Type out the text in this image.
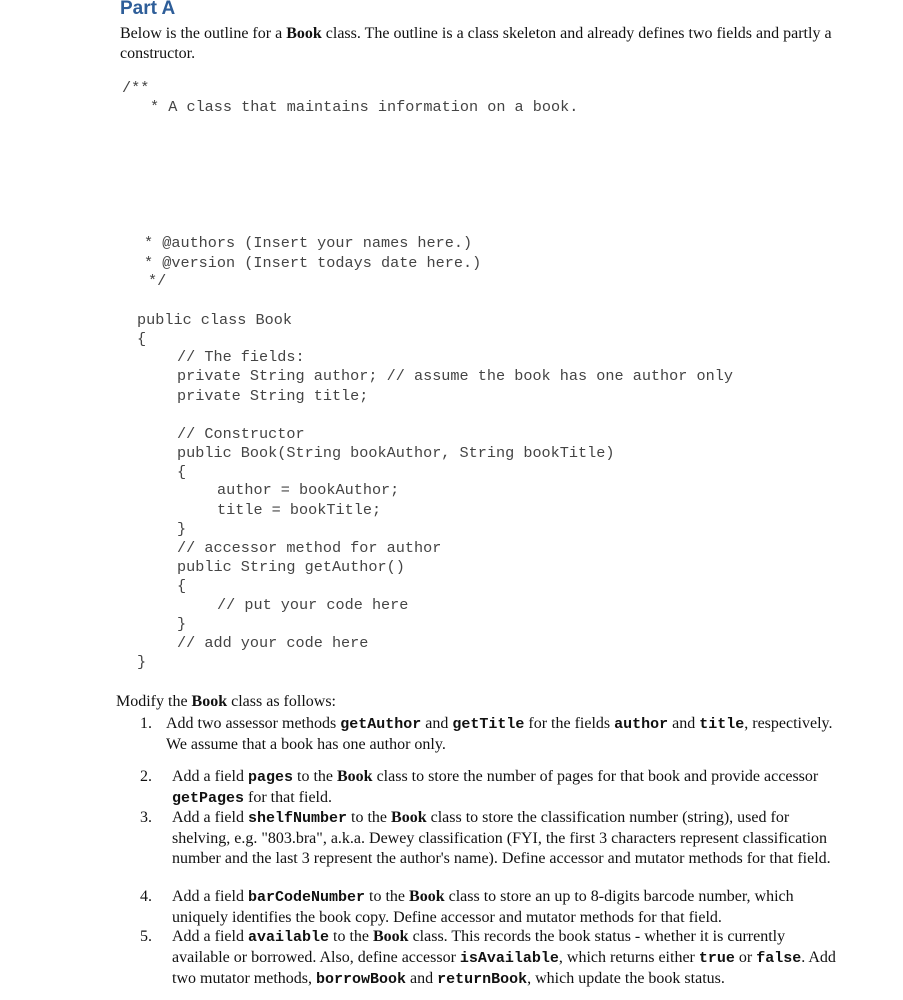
Part A
Below is the outline for a Book class. The outline is a class skeleton and already defines two fields and partly a constructor.
/**
* A class that maintains information on a book.
* @authors (Insert your names here.)
* @version (Insert todays date here.)
*/
public class Book
{
// The fields:
private String author; // assume the book has one author only
private String title;
// Constructor
public Book(String bookAuthor, String bookTitle)
{
author = bookAuthor;
title = bookTitle;
}
// accessor method for author
public String getAuthor()
{
// put your code here
}
// add your code here
}
Modify the Book class as follows:
1. Add two assessor methods getAuthor and getTitle for the fields author and title, respectively. We assume that a book has one author only.
2. Add a field pages to the Book class to store the number of pages for that book and provide accessor getPages for that field.
3. Add a field shelfNumber to the Book class to store the classification number (string), used for shelving, e.g. "803.bra", a.k.a. Dewey classification (FYI, the first 3 characters represent classification number and the last 3 represent the author's name). Define accessor and mutator methods for that field.
4. Add a field barCodeNumber to the Book class to store an up to 8-digits barcode number, which uniquely identifies the book copy. Define accessor and mutator methods for that field.
5. Add a field available to the Book class. This records the book status - whether it is currently available or borrowed. Also, define accessor isAvailable, which returns either true or false. Add two mutator methods, borrowBook and returnBook, which update the book status.
